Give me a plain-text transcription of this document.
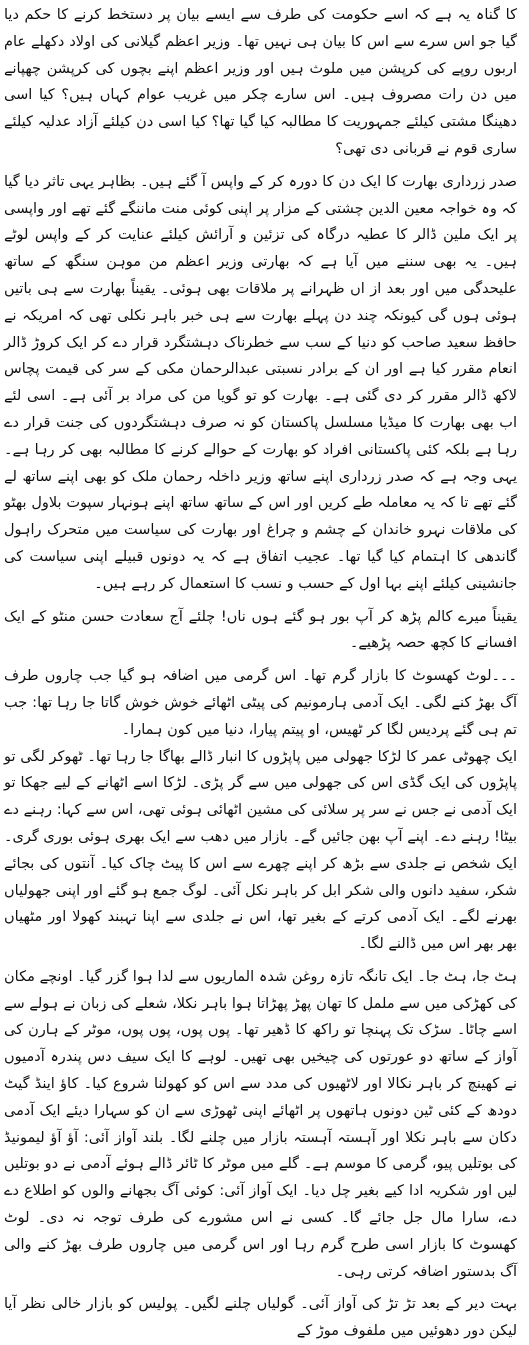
کا گناہ یہ ہے کہ اسے حکومت کی طرف سے ایسے بیان پر دستخط کرنے کا حکم دیا گیا جو اس سرے سے اس کا بیان ہی نہیں تھا۔ وزیر اعظم گیلانی کی اولاد دکھلے عام اربوں روپے کی کرپشن میں ملوث ہیں اور وزیر اعظم اپنے بچوں کی کرپشن چھپانے میں دن رات مصروف ہیں۔ اس سارے چکر میں غریب عوام کہاں ہیں؟ کیا اسی دھینگا مشتی کیلئے جمہوریت کا مطالبہ کیا گیا تھا؟ کیا اسی دن کیلئے آزاد عدلیہ کیلئے ساری قوم نے قربانی دی تھی؟

صدر زرداری بھارت کا ایک دن کا دورہ کر کے واپس آ گئے ہیں۔ بظاہر یہی تاثر دیا گیا کہ وہ خواجہ معین الدین چشتی کے مزار پر اپنی کوئی منت ماننگے گئے تھے اور واپسی پر ایک ملین ڈالر کا عطیہ درگاہ کی تزئین و آرائش کیلئے عنایت کر کے واپس لوٹے ہیں۔ یہ بھی سننے میں آیا ہے کہ بھارتی وزیر اعظم من موہن سنگھ کے ساتھ علیحدگی میں اور بعد از اں ظہرانے پر ملاقات بھی ہوئی۔ یقیناً بھارت سے ہی باتیں ہوئی ہوں گی کیونکہ چند دن پہلے بھارت سے ہی خبر باہر نکلی تھی کہ امریکہ نے حافظ سعید صاحب کو دنیا کے سب سے خطرناک دہشتگرد قرار دے کر ایک کروڑ ڈالر انعام مقرر کیا ہے اور ان کے برادر نسبتی عبدالرحمان مکی کے سر کی قیمت پچاس لاکھ ڈالر مقرر کر دی گئی ہے۔ بھارت کو تو گویا من کی مراد بر آئی ہے۔ اسی لئے اب بھی بھارت کا میڈیا مسلسل پاکستان کو نہ صرف دہشتگردوں کی جنت قرار دے رہا ہے بلکہ کئی پاکستانی افراد کو بھارت کے حوالے کرنے کا مطالبہ بھی کر رہا ہے۔ یہی وجہ ہے کہ صدر زرداری اپنے ساتھ وزیر داخلہ رحمان ملک کو بھی اپنے ساتھ لے گئے تھے تا کہ یہ معاملہ طے کریں اور اس کے ساتھ ساتھ اپنے ہونہار سپوت بلاول بھٹو کی ملاقات نہرو خاندان کے چشم و چراغ اور بھارت کی سیاست میں متحرک راہول گاندھی کا اہتمام کیا گیا تھا۔ عجیب اتفاق ہے کہ یہ دونوں قبیلے اپنی سیاست کی جانشینی کیلئے اپنے بہا اول کے حسب و نسب کا استعمال کر رہے ہیں۔

یقیناً میرے کالم پڑھ کر آپ بور ہو گئے ہوں ناں! چلئے آج سعادت حسن منٹو کے ایک افسانے کا کچھ حصہ پڑھیے۔

۔۔۔لوٹ کھسوٹ کا بازار گرم تھا۔ اس گرمی میں اضافہ ہو گیا جب چاروں طرف آگ بھڑ کنے لگی۔ ایک آدمی ہارمونیم کی پیٹی اٹھائے خوش خوش گاتا جا رہا تھا: جب تم ہی گئے پردیس لگا کر ٹھیس، او پیتم پیارا، دنیا میں کون ہمارا۔

ایک چھوٹی عمر کا لڑکا جھولی میں پاپڑوں کا انبار ڈالے بھاگا جا رہا تھا۔ ٹھوکر لگی تو پاپڑوں کی ایک گڈی اس کی جھولی میں سے گر پڑی۔ لڑکا اسے اٹھانے کے لیے جھکا تو ایک آدمی نے جس نے سر پر سلائی کی مشین اٹھائی ہوئی تھی، اس سے کہا: رہنے دے بیٹا! رہنے دے۔ اپنے آپ بھن جائیں گے۔ بازار میں دھب سے ایک بھری ہوئی بوری گری۔ ایک شخص نے جلدی سے بڑھ کر اپنے چھرے سے اس کا پیٹ چاک کیا۔ آنتوں کی بجائے شکر، سفید دانوں والی شکر ابل کر باہر نکل آئی۔ لوگ جمع ہو گئے اور اپنی جھولیاں بھرنے لگے۔ ایک آدمی کرتے کے بغیر تھا، اس نے جلدی سے اپنا تہبند کھولا اور مٹھیاں بھر بھر اس میں ڈالنے لگا۔

ہٹ جا، ہٹ جا۔ ایک تانگہ تازہ روغن شدہ الماریوں سے لدا ہوا گزر گیا۔ اونچے مکان کی کھڑکی میں سے ململ کا تھان پھڑ پھڑاتا ہوا باہر نکلا، شعلے کی زبان نے ہولے سے اسے چاٹا۔ سڑک تک پہنچا تو راکھ کا ڈھیر تھا۔ پوں پوں، پوں پوں، موٹر کے ہارن کی آواز کے ساتھ دو عورتوں کی چیخیں بھی تھیں۔ لوہے کا ایک سیف دس پندرہ آدمیوں نے کھینچ کر باہر نکالا اور لاٹھیوں کی مدد سے اس کو کھولنا شروع کیا۔ کاؤ اینڈ گیٹ دودھ کے کئی ٹین دونوں ہاتھوں پر اٹھائے اپنی ٹھوڑی سے ان کو سہارا دیئے ایک آدمی دکان سے باہر نکلا اور آہستہ آہستہ بازار میں چلنے لگا۔ بلند آواز آئی: آؤ آؤ لیمونیڈ کی بوتلیں پیو، گرمی کا موسم ہے۔ گلے میں موٹر کا ٹائر ڈالے ہوئے آدمی نے دو بوتلیں لیں اور شکریہ ادا کیے بغیر چل دیا۔ ایک آواز آئی: کوئی آگ بجھانے والوں کو اطلاع دے دے، سارا مال جل جائے گا۔ کسی نے اس مشورے کی طرف توجہ نہ دی۔ لوٹ کھسوٹ کا بازار اسی طرح گرم رہا اور اس گرمی میں چاروں طرف بھڑ کنے والی آگ بدستور اضافہ کرتی رہی۔

بہت دیر کے بعد تڑ تڑ کی آواز آئی۔ گولیاں چلنے لگیں۔ پولیس کو بازار خالی نظر آیا لیکن دور دھوئیں میں ملفوف موڑ کے
